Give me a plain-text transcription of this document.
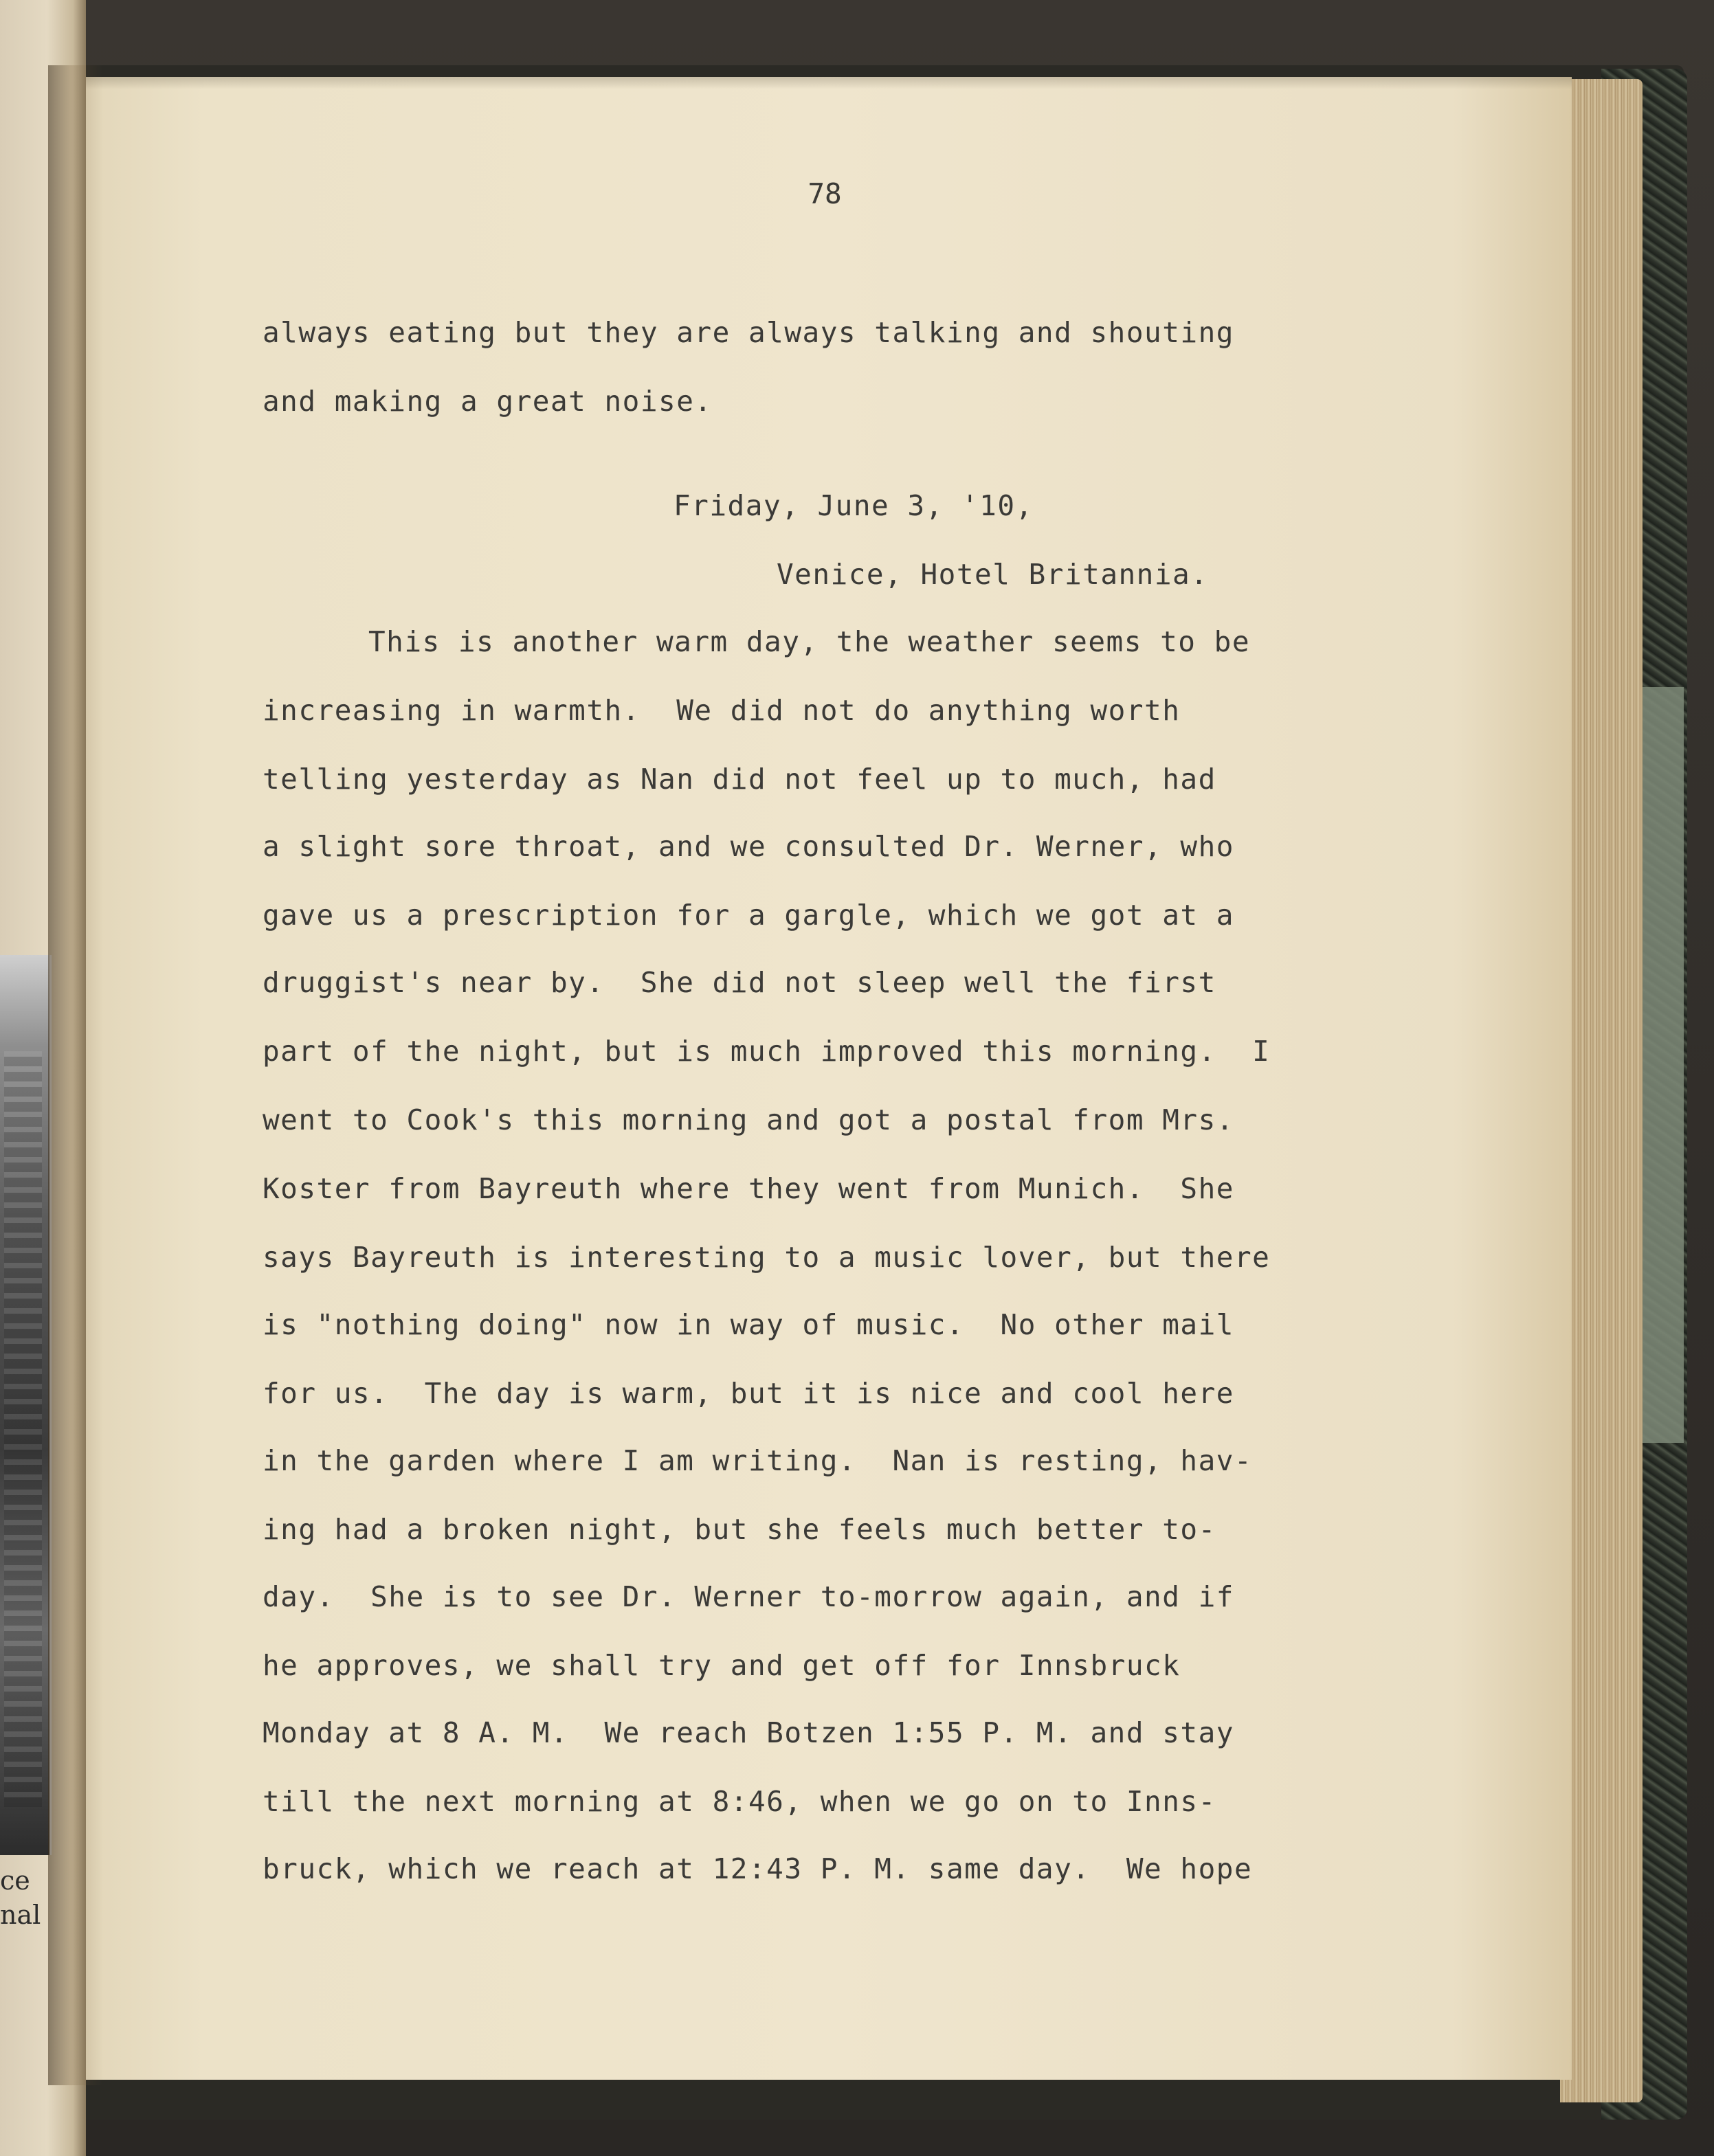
ce
nal
78
always eating but they are always talking and shouting
and making a great noise.
Friday, June 3, '10,
Venice, Hotel Britannia.
This is another warm day, the weather seems to be
increasing in warmth.  We did not do anything worth
telling yesterday as Nan did not feel up to much, had
a slight sore throat, and we consulted Dr. Werner, who
gave us a prescription for a gargle, which we got at a
druggist's near by.  She did not sleep well the first
part of the night, but is much improved this morning.  I
went to Cook's this morning and got a postal from Mrs.
Koster from Bayreuth where they went from Munich.  She
says Bayreuth is interesting to a music lover, but there
is "nothing doing" now in way of music.  No other mail
for us.  The day is warm, but it is nice and cool here
in the garden where I am writing.  Nan is resting, hav-
ing had a broken night, but she feels much better to-
day.  She is to see Dr. Werner to-morrow again, and if
he approves, we shall try and get off for Innsbruck
Monday at 8 A. M.  We reach Botzen 1:55 P. M. and stay
till the next morning at 8:46, when we go on to Inns-
bruck, which we reach at 12:43 P. M. same day.  We hope
